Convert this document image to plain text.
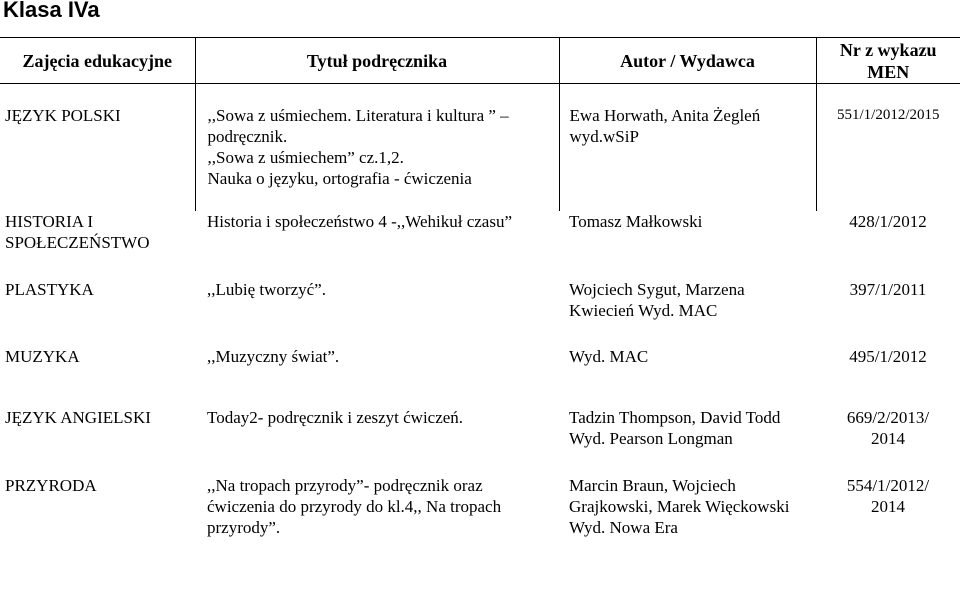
Klasa IVa
Zajęcia edukacyjne	Tytuł podręcznika	Autor / Wydawca	Nr z wykazu
MEN
JĘZYK POLSKI	,,Sowa z uśmiechem. Literatura i kultura ” –
podręcznik.
,,Sowa z uśmiechem” cz.1,2.
Nauka o języku, ortografia - ćwiczenia	Ewa Horwath, Anita Żegleń
wyd.wSiP	551/1/2012/2015
HISTORIA I
SPOŁECZEŃSTWO	Historia i społeczeństwo 4 -,,Wehikuł czasu”	Tomasz Małkowski	428/1/2012
PLASTYKA	,,Lubię tworzyć”.	Wojciech Sygut, Marzena
Kwiecień Wyd. MAC	397/1/2011
MUZYKA	,,Muzyczny świat”.	Wyd. MAC	495/1/2012
JĘZYK ANGIELSKI	Today2- podręcznik i zeszyt ćwiczeń.	Tadzin Thompson, David Todd
Wyd. Pearson Longman	669/2/2013/
2014
PRZYRODA	,,Na tropach przyrody”- podręcznik oraz
ćwiczenia do przyrody do kl.4,, Na tropach
przyrody”.	Marcin Braun, Wojciech
Grajkowski, Marek Więckowski
Wyd. Nowa Era	554/1/2012/
2014
